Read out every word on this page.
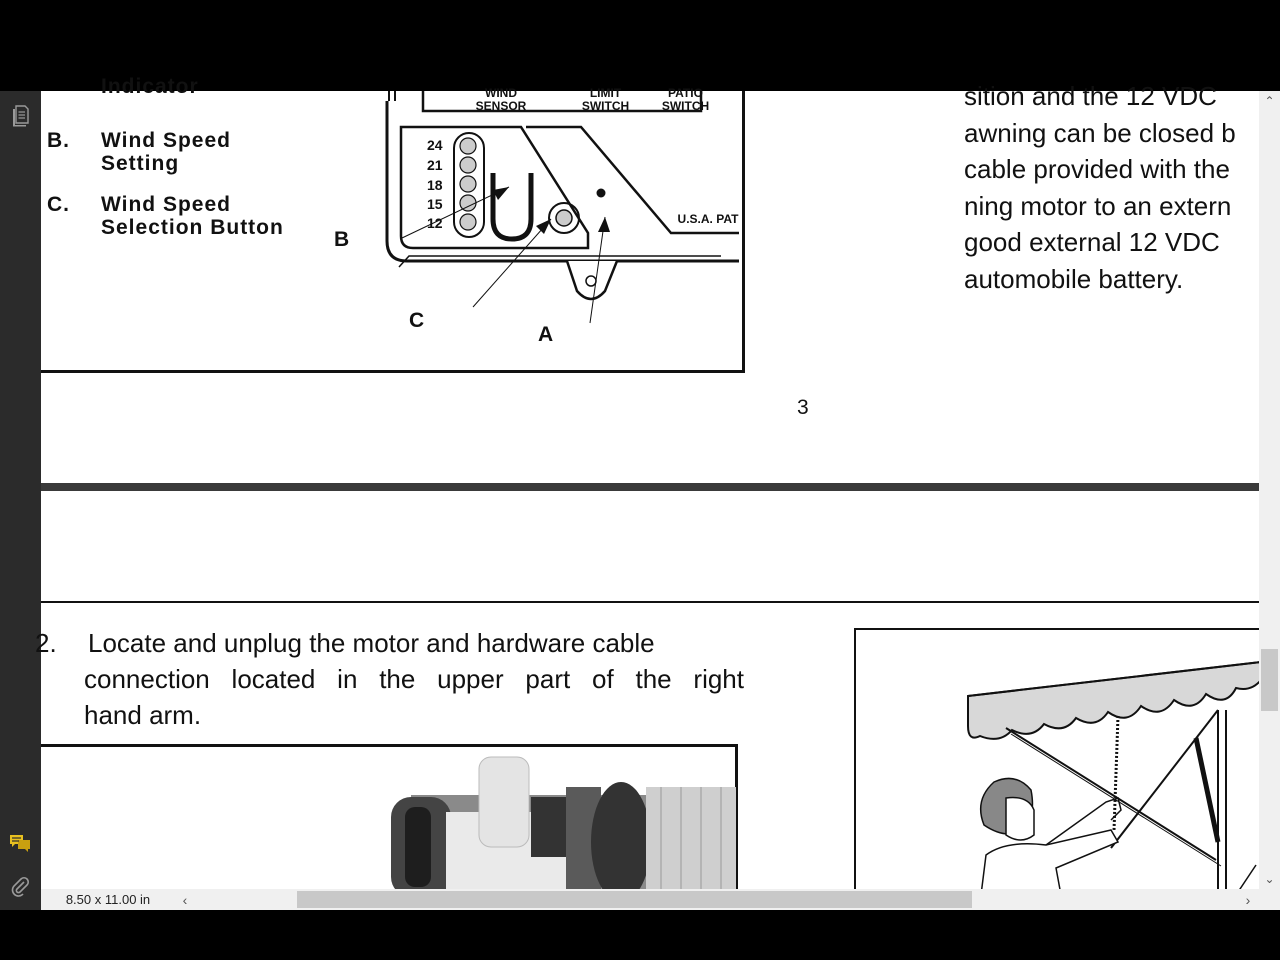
Indicator
B. Wind Speed
Setting
C. Wind Speed
Selection Button
WIND SENSOR
LIMIT SWITCH
PATIO SWITCH
U.S.A. PAT
24
21
18
15
12
B
C
A
sition and the 12 VDC
awning can be closed b
cable provided with the
ning motor to an extern
good external 12 VDC
automobile battery.
3
2. Locate and unplug the motor and hardware cable
connection located in the upper part of the right
hand arm.
⌃
⌄
8.50 x 11.00 in	‹	›
